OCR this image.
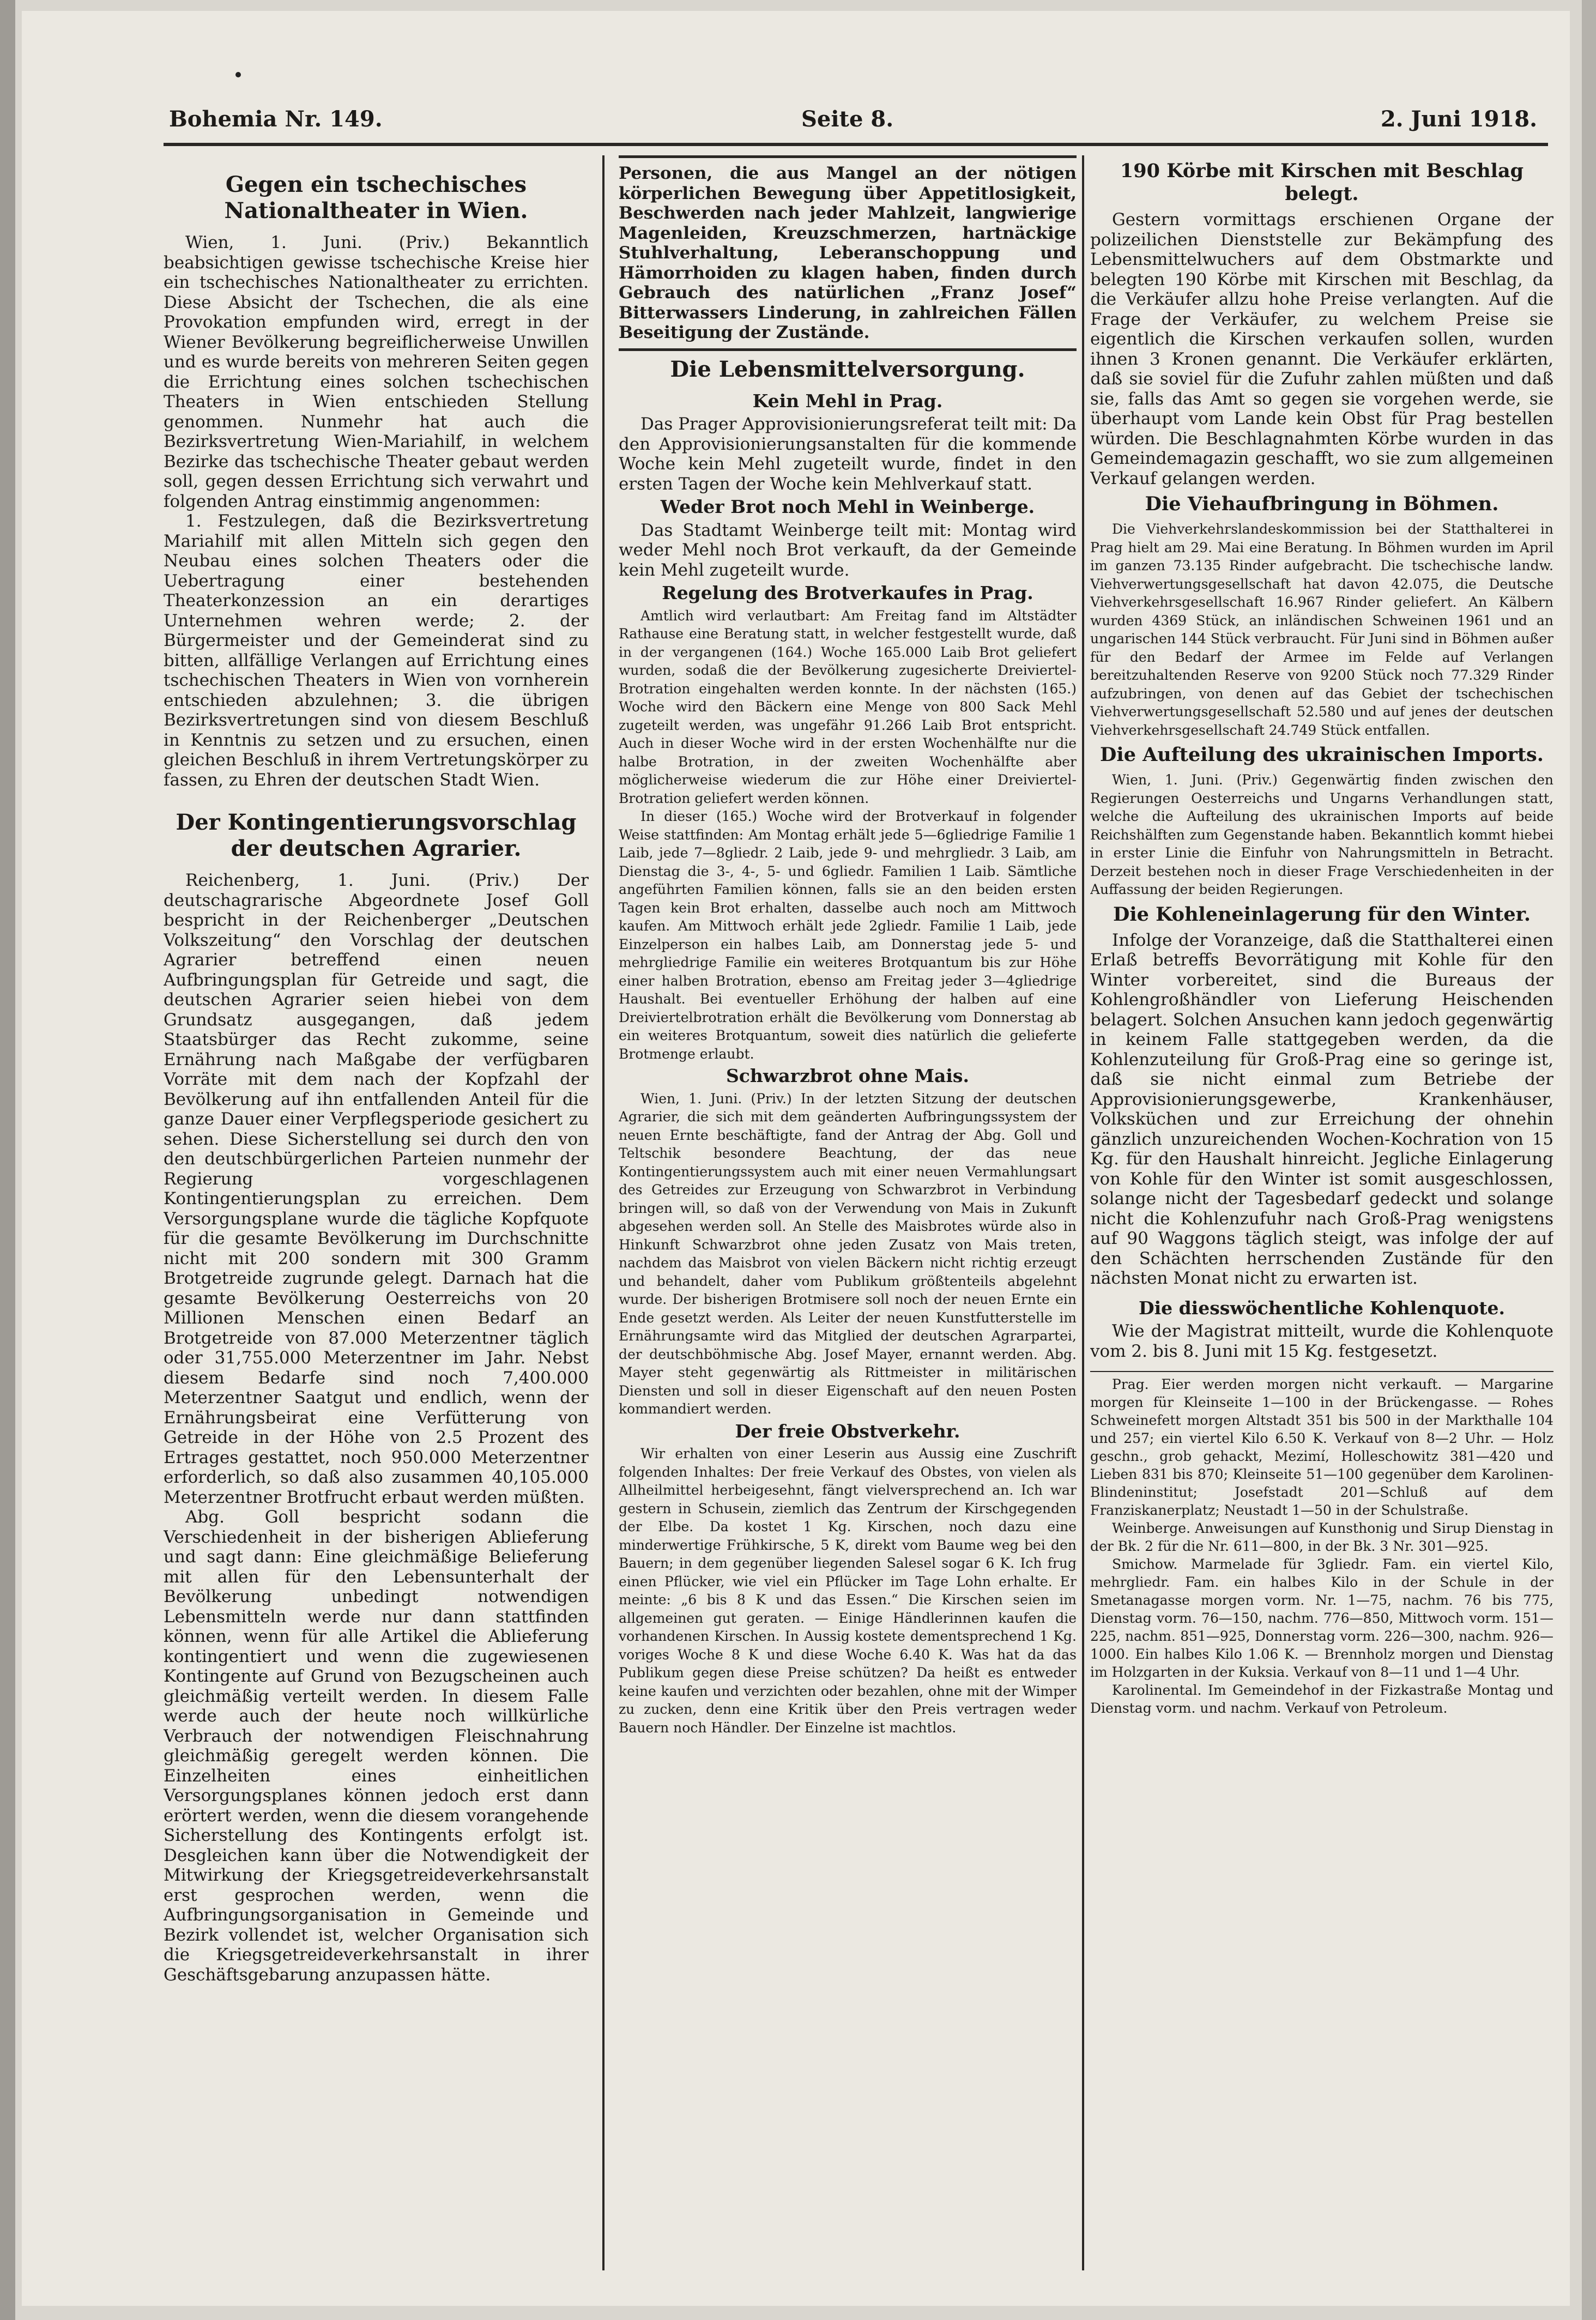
Bohemia Nr. 149.	Seite 8.	2. Juni 1918.
Gegen ein tschechisches Nationaltheater in Wien.

Wien, 1. Juni. (Priv.) Bekanntlich beabsichtigen gewisse tschechische Kreise hier ein tschechisches Nationaltheater zu errichten. Diese Absicht der Tschechen, die als eine Provokation empfunden wird, erregt in der Wiener Bevölkerung begreiflicherweise Unwillen und es wurde bereits von mehreren Seiten gegen die Errichtung eines solchen tschechischen Theaters in Wien entschieden Stellung genommen. Nunmehr hat auch die Bezirksvertretung Wien-Mariahilf, in welchem Bezirke das tschechische Theater gebaut werden soll, gegen dessen Errichtung sich verwahrt und folgenden Antrag einstimmig angenommen:

1. Festzulegen, daß die Bezirksvertretung Mariahilf mit allen Mitteln sich gegen den Neubau eines solchen Theaters oder die Uebertragung einer bestehenden Theaterkonzession an ein derartiges Unternehmen wehren werde; 2. der Bürgermeister und der Gemeinderat sind zu bitten, allfällige Verlangen auf Errichtung eines tschechischen Theaters in Wien von vornherein entschieden abzulehnen; 3. die übrigen Bezirksvertretungen sind von diesem Beschluß in Kenntnis zu setzen und zu ersuchen, einen gleichen Beschluß in ihrem Vertretungskörper zu fassen, zu Ehren der deutschen Stadt Wien.

Der Kontingentierungsvorschlag der deutschen Agrarier.

Reichenberg, 1. Juni. (Priv.) Der deutschagrarische Abgeordnete Josef Goll bespricht in der Reichenberger „Deutschen Volkszeitung“ den Vorschlag der deutschen Agrarier betreffend einen neuen Aufbringungsplan für Getreide und sagt, die deutschen Agrarier seien hiebei von dem Grundsatz ausgegangen, daß jedem Staatsbürger das Recht zukomme, seine Ernährung nach Maßgabe der verfügbaren Vorräte mit dem nach der Kopfzahl der Bevölkerung auf ihn entfallenden Anteil für die ganze Dauer einer Verpflegsperiode gesichert zu sehen. Diese Sicherstellung sei durch den von den deutschbürgerlichen Parteien nunmehr der Regierung vorgeschlagenen Kontingentierungsplan zu erreichen. Dem Versorgungsplane wurde die tägliche Kopfquote für die gesamte Bevölkerung im Durchschnitte nicht mit 200 sondern mit 300 Gramm Brotgetreide zugrunde gelegt. Darnach hat die gesamte Bevölkerung Oesterreichs von 20 Millionen Menschen einen Bedarf an Brotgetreide von 87.000 Meterzentner täglich oder 31,755.000 Meterzentner im Jahr. Nebst diesem Bedarfe sind noch 7,400.000 Meterzentner Saatgut und endlich, wenn der Ernährungsbeirat eine Verfütterung von Getreide in der Höhe von 2.5 Prozent des Ertrages gestattet, noch 950.000 Meterzentner erforderlich, so daß also zusammen 40,105.000 Meterzentner Brotfrucht erbaut werden müßten.

Abg. Goll bespricht sodann die Verschiedenheit in der bisherigen Ablieferung und sagt dann: Eine gleichmäßige Belieferung mit allen für den Lebensunterhalt der Bevölkerung unbedingt notwendigen Lebensmitteln werde nur dann stattfinden können, wenn für alle Artikel die Ablieferung kontingentiert und wenn die zugewiesenen Kontingente auf Grund von Bezugscheinen auch gleichmäßig verteilt werden. In diesem Falle werde auch der heute noch willkürliche Verbrauch der notwendigen Fleischnahrung gleichmäßig geregelt werden können. Die Einzelheiten eines einheitlichen Versorgungsplanes können jedoch erst dann erörtert werden, wenn die diesem vorangehende Sicherstellung des Kontingents erfolgt ist. Desgleichen kann über die Notwendigkeit der Mitwirkung der Kriegsgetreideverkehrsanstalt erst gesprochen werden, wenn die Aufbringungsorganisation in Gemeinde und Bezirk vollendet ist, welcher Organisation sich die Kriegsgetreideverkehrsanstalt in ihrer Geschäftsgebarung anzupassen hätte.

Personen, die aus Mangel an der nötigen körperlichen Bewegung über Appetitlosigkeit, Beschwerden nach jeder Mahlzeit, langwierige Magenleiden, Kreuzschmerzen, hartnäckige Stuhlverhaltung, Leberanschoppung und Hämorrhoiden zu klagen haben, finden durch Gebrauch des natürlichen „Franz Josef“ Bitterwassers Linderung, in zahlreichen Fällen Beseitigung der Zustände.

Die Lebensmittelversorgung.
Kein Mehl in Prag.

Das Prager Approvisionierungsreferat teilt mit: Da den Approvisionierungsanstalten für die kommende Woche kein Mehl zugeteilt wurde, findet in den ersten Tagen der Woche kein Mehlverkauf statt.

Weder Brot noch Mehl in Weinberge.

Das Stadtamt Weinberge teilt mit: Montag wird weder Mehl noch Brot verkauft, da der Gemeinde kein Mehl zugeteilt wurde.

Regelung des Brotverkaufes in Prag.

Amtlich wird verlautbart: Am Freitag fand im Altstädter Rathause eine Beratung statt, in welcher festgestellt wurde, daß in der vergangenen (164.) Woche 165.000 Laib Brot geliefert wurden, sodaß die der Bevölkerung zugesicherte Dreiviertel-Brotration eingehalten werden konnte. In der nächsten (165.) Woche wird den Bäckern eine Menge von 800 Sack Mehl zugeteilt werden, was ungefähr 91.266 Laib Brot entspricht. Auch in dieser Woche wird in der ersten Wochenhälfte nur die halbe Brotration, in der zweiten Wochenhälfte aber möglicherweise wiederum die zur Höhe einer Dreiviertel-Brotration geliefert werden können.

In dieser (165.) Woche wird der Brotverkauf in folgender Weise stattfinden: Am Montag erhält jede 5—6gliedrige Familie 1 Laib, jede 7—8gliedr. 2 Laib, jede 9- und mehrgliedr. 3 Laib, am Dienstag die 3-, 4-, 5- und 6gliedr. Familien 1 Laib. Sämtliche angeführten Familien können, falls sie an den beiden ersten Tagen kein Brot erhalten, dasselbe auch noch am Mittwoch kaufen. Am Mittwoch erhält jede 2gliedr. Familie 1 Laib, jede Einzelperson ein halbes Laib, am Donnerstag jede 5- und mehrgliedrige Familie ein weiteres Brotquantum bis zur Höhe einer halben Brotration, ebenso am Freitag jeder 3—4gliedrige Haushalt. Bei eventueller Erhöhung der halben auf eine Dreiviertelbrotration erhält die Bevölkerung vom Donnerstag ab ein weiteres Brotquantum, soweit dies natürlich die gelieferte Brotmenge erlaubt.

Schwarzbrot ohne Mais.

Wien, 1. Juni. (Priv.) In der letzten Sitzung der deutschen Agrarier, die sich mit dem geänderten Aufbringungssystem der neuen Ernte beschäftigte, fand der Antrag der Abg. Goll und Teltschik besondere Beachtung, der das neue Kontingentierungssystem auch mit einer neuen Vermahlungsart des Getreides zur Erzeugung von Schwarzbrot in Verbindung bringen will, so daß von der Verwendung von Mais in Zukunft abgesehen werden soll. An Stelle des Maisbrotes würde also in Hinkunft Schwarzbrot ohne jeden Zusatz von Mais treten, nachdem das Maisbrot von vielen Bäckern nicht richtig erzeugt und behandelt, daher vom Publikum größtenteils abgelehnt wurde. Der bisherigen Brotmisere soll noch der neuen Ernte ein Ende gesetzt werden. Als Leiter der neuen Kunstfutterstelle im Ernährungsamte wird das Mitglied der deutschen Agrarpartei, der deutschböhmische Abg. Josef Mayer, ernannt werden. Abg. Mayer steht gegenwärtig als Rittmeister in militärischen Diensten und soll in dieser Eigenschaft auf den neuen Posten kommandiert werden.

Der freie Obstverkehr.

Wir erhalten von einer Leserin aus Aussig eine Zuschrift folgenden Inhaltes: Der freie Verkauf des Obstes, von vielen als Allheilmittel herbeigesehnt, fängt vielversprechend an. Ich war gestern in Schusein, ziemlich das Zentrum der Kirschgegenden der Elbe. Da kostet 1 Kg. Kirschen, noch dazu eine minderwertige Frühkirsche, 5 K, direkt vom Baume weg bei den Bauern; in dem gegenüber liegenden Salesel sogar 6 K. Ich frug einen Pflücker, wie viel ein Pflücker im Tage Lohn erhalte. Er meinte: „6 bis 8 K und das Essen.“ Die Kirschen seien im allgemeinen gut geraten. — Einige Händlerinnen kaufen die vorhandenen Kirschen. In Aussig kostete dementsprechend 1 Kg. voriges Woche 8 K und diese Woche 6.40 K. Was hat da das Publikum gegen diese Preise schützen? Da heißt es entweder keine kaufen und verzichten oder bezahlen, ohne mit der Wimper zu zucken, denn eine Kritik über den Preis vertragen weder Bauern noch Händler. Der Einzelne ist machtlos.

190 Körbe mit Kirschen mit Beschlag belegt.

Gestern vormittags erschienen Organe der polizeilichen Dienststelle zur Bekämpfung des Lebensmittelwuchers auf dem Obstmarkte und belegten 190 Körbe mit Kirschen mit Beschlag, da die Verkäufer allzu hohe Preise verlangten. Auf die Frage der Verkäufer, zu welchem Preise sie eigentlich die Kirschen verkaufen sollen, wurden ihnen 3 Kronen genannt. Die Verkäufer erklärten, daß sie soviel für die Zufuhr zahlen müßten und daß sie, falls das Amt so gegen sie vorgehen werde, sie überhaupt vom Lande kein Obst für Prag bestellen würden. Die Beschlagnahmten Körbe wurden in das Gemeindemagazin geschafft, wo sie zum allgemeinen Verkauf gelangen werden.

Die Viehaufbringung in Böhmen.

Die Viehverkehrslandeskommission bei der Statthalterei in Prag hielt am 29. Mai eine Beratung. In Böhmen wurden im April im ganzen 73.135 Rinder aufgebracht. Die tschechische landw. Viehverwertungsgesellschaft hat davon 42.075, die Deutsche Viehverkehrsgesellschaft 16.967 Rinder geliefert. An Kälbern wurden 4369 Stück, an inländischen Schweinen 1961 und an ungarischen 144 Stück verbraucht. Für Juni sind in Böhmen außer für den Bedarf der Armee im Felde auf Verlangen bereitzuhaltenden Reserve von 9200 Stück noch 77.329 Rinder aufzubringen, von denen auf das Gebiet der tschechischen Viehverwertungsgesellschaft 52.580 und auf jenes der deutschen Viehverkehrsgesellschaft 24.749 Stück entfallen.

Die Aufteilung des ukrainischen Imports.

Wien, 1. Juni. (Priv.) Gegenwärtig finden zwischen den Regierungen Oesterreichs und Ungarns Verhandlungen statt, welche die Aufteilung des ukrainischen Imports auf beide Reichshälften zum Gegenstande haben. Bekanntlich kommt hiebei in erster Linie die Einfuhr von Nahrungsmitteln in Betracht. Derzeit bestehen noch in dieser Frage Verschiedenheiten in der Auffassung der beiden Regierungen.

Die Kohleneinlagerung für den Winter.

Infolge der Voranzeige, daß die Statthalterei einen Erlaß betreffs Bevorrätigung mit Kohle für den Winter vorbereitet, sind die Bureaus der Kohlengroßhändler von Lieferung Heischenden belagert. Solchen Ansuchen kann jedoch gegenwärtig in keinem Falle stattgegeben werden, da die Kohlenzuteilung für Groß-Prag eine so geringe ist, daß sie nicht einmal zum Betriebe der Approvisionierungsgewerbe, Krankenhäuser, Volksküchen und zur Erreichung der ohnehin gänzlich unzureichenden Wochen-Kochration von 15 Kg. für den Haushalt hinreicht. Jegliche Einlagerung von Kohle für den Winter ist somit ausgeschlossen, solange nicht der Tagesbedarf gedeckt und solange nicht die Kohlenzufuhr nach Groß-Prag wenigstens auf 90 Waggons täglich steigt, was infolge der auf den Schächten herrschenden Zustände für den nächsten Monat nicht zu erwarten ist.

Die diesswöchentliche Kohlenquote.

Wie der Magistrat mitteilt, wurde die Kohlenquote vom 2. bis 8. Juni mit 15 Kg. festgesetzt.

Prag. Eier werden morgen nicht verkauft. — Margarine morgen für Kleinseite 1—100 in der Brückengasse. — Rohes Schweinefett morgen Altstadt 351 bis 500 in der Markthalle 104 und 257; ein viertel Kilo 6.50 K. Verkauf von 8—2 Uhr. — Holz geschn., grob gehackt, Mezimí, Holleschowitz 381—420 und Lieben 831 bis 870; Kleinseite 51—100 gegenüber dem Karolinen-Blindeninstitut; Josefstadt 201—Schluß auf dem Franziskanerplatz; Neustadt 1—50 in der Schulstraße.

Weinberge. Anweisungen auf Kunsthonig und Sirup Dienstag in der Bk. 2 für die Nr. 611—800, in der Bk. 3 Nr. 301—925.

Smichow. Marmelade für 3gliedr. Fam. ein viertel Kilo, mehrgliedr. Fam. ein halbes Kilo in der Schule in der Smetanagasse morgen vorm. Nr. 1—75, nachm. 76 bis 775, Dienstag vorm. 76—150, nachm. 776—850, Mittwoch vorm. 151—225, nachm. 851—925, Donnerstag vorm. 226—300, nachm. 926—1000. Ein halbes Kilo 1.06 K. — Brennholz morgen und Dienstag im Holzgarten in der Kuksia. Verkauf von 8—11 und 1—4 Uhr.

Karolinental. Im Gemeindehof in der Fizkastraße Montag und Dienstag vorm. und nachm. Verkauf von Petroleum.
